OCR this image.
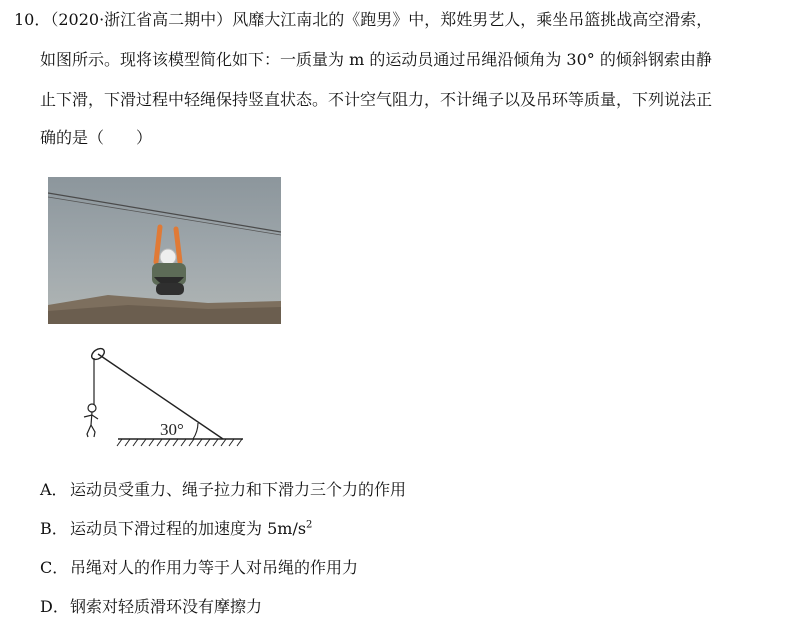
10．（2020·浙江省高二期中）风靡大江南北的《跑男》中，郑姓男艺人，乘坐吊篮挑战高空滑索，
如图所示。现将该模型简化如下：一质量为 m 的运动员通过吊绳沿倾角为 30° 的倾斜钢索由静
止下滑，下滑过程中轻绳保持竖直状态。不计空气阻力，不计绳子以及吊环等质量，下列说法正
确的是（　　）
30°
A． 运动员受重力、绳子拉力和下滑力三个力的作用
B． 运动员下滑过程的加速度为 $5m/s^2$
C． 吊绳对人的作用力等于人对吊绳的作用力
D．钢索对轻质滑环没有摩擦力
